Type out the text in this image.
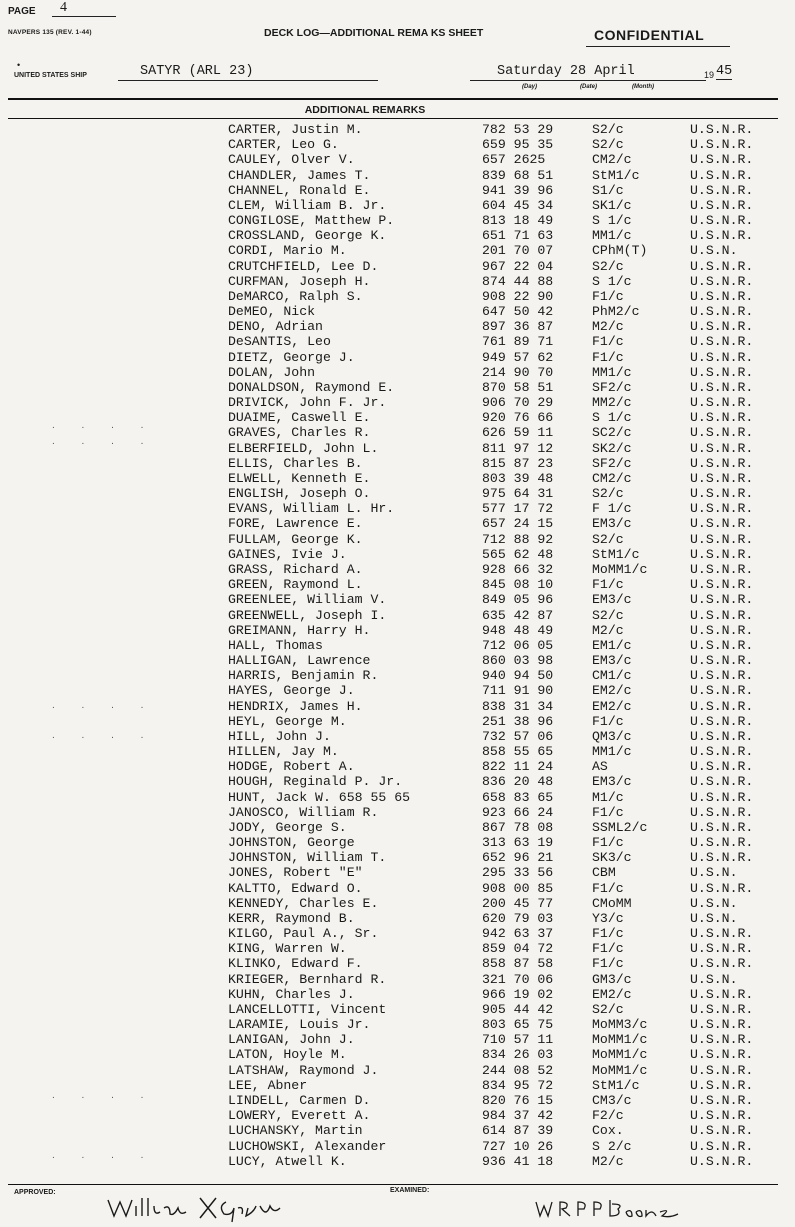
PAGE	4
NAVPERS 135 (REV. 1-44)	DECK LOG—ADDITIONAL REMA KS SHEET	CONFIDENTIAL
•
UNITED STATES SHIP	SATYR (ARL 23)	Saturday 28 April	19 45
(Day)	(Date)	(Month)
ADDITIONAL REMARKS
CARTER, Justin M.	782 53 29	S2/c	U.S.N.R.
CARTER, Leo G.	659 95 35	S2/c	U.S.N.R.
CAULEY, Olver V.	657 2625	CM2/c	U.S.N.R.
CHANDLER, James T.	839 68 51	StM1/c	U.S.N.R.
CHANNEL, Ronald E.	941 39 96	S1/c	U.S.N.R.
CLEM, William B. Jr.	604 45 34	SK1/c	U.S.N.R.
CONGILOSE, Matthew P.	813 18 49	S 1/c	U.S.N.R.
CROSSLAND, George K.	651 71 63	MM1/c	U.S.N.R.
CORDI, Mario M.	201 70 07	CPhM(T)	U.S.N.
CRUTCHFIELD, Lee D.	967 22 04	S2/c	U.S.N.R.
CURFMAN, Joseph H.	874 44 88	S 1/c	U.S.N.R.
DeMARCO, Ralph S.	908 22 90	F1/c	U.S.N.R.
DeMEO, Nick	647 50 42	PhM2/c	U.S.N.R.
DENO, Adrian	897 36 87	M2/c	U.S.N.R.
DeSANTIS, Leo	761 89 71	F1/c	U.S.N.R.
DIETZ, George J.	949 57 62	F1/c	U.S.N.R.
DOLAN, John	214 90 70	MM1/c	U.S.N.R.
DONALDSON, Raymond E.	870 58 51	SF2/c	U.S.N.R.
DRIVICK, John F. Jr.	906 70 29	MM2/c	U.S.N.R.
DUAIME, Caswell E.	920 76 66	S 1/c	U.S.N.R.
GRAVES, Charles R.	626 59 11	SC2/c	U.S.N.R.
ELBERFIELD, John L.	811 97 12	SK2/c	U.S.N.R.
ELLIS, Charles B.	815 87 23	SF2/c	U.S.N.R.
ELWELL, Kenneth E.	803 39 48	CM2/c	U.S.N.R.
ENGLISH, Joseph O.	975 64 31	S2/c	U.S.N.R.
EVANS, William L. Hr.	577 17 72	F 1/c	U.S.N.R.
FORE, Lawrence E.	657 24 15	EM3/c	U.S.N.R.
FULLAM, George K.	712 88 92	S2/c	U.S.N.R.
GAINES, Ivie J.	565 62 48	StM1/c	U.S.N.R.
GRASS, Richard A.	928 66 32	MoMM1/c	U.S.N.R.
GREEN, Raymond L.	845 08 10	F1/c	U.S.N.R.
GREENLEE, William V.	849 05 96	EM3/c	U.S.N.R.
GREENWELL, Joseph I.	635 42 87	S2/c	U.S.N.R.
GREIMANN, Harry H.	948 48 49	M2/c	U.S.N.R.
HALL, Thomas	712 06 05	EM1/c	U.S.N.R.
HALLIGAN, Lawrence	860 03 98	EM3/c	U.S.N.R.
HARRIS, Benjamin R.	940 94 50	CM1/c	U.S.N.R.
HAYES, George J.	711 91 90	EM2/c	U.S.N.R.
HENDRIX, James H.	838 31 34	EM2/c	U.S.N.R.
HEYL, George M.	251 38 96	F1/c	U.S.N.R.
HILL, John J.	732 57 06	QM3/c	U.S.N.R.
HILLEN, Jay M.	858 55 65	MM1/c	U.S.N.R.
HODGE, Robert A.	822 11 24	AS	U.S.N.R.
HOUGH, Reginald P. Jr.	836 20 48	EM3/c	U.S.N.R.
HUNT, Jack W. 658 55 65	658 83 65	M1/c	U.S.N.R.
JANOSCO, William R.	923 66 24	F1/c	U.S.N.R.
JODY, George S.	867 78 08	SSML2/c	U.S.N.R.
JOHNSTON, George	313 63 19	F1/c	U.S.N.R.
JOHNSTON, William T.	652 96 21	SK3/c	U.S.N.R.
JONES, Robert "E"	295 33 56	CBM	U.S.N.
KALTTO, Edward O.	908 00 85	F1/c	U.S.N.R.
KENNEDY, Charles E.	200 45 77	CMoMM	U.S.N.
KERR, Raymond B.	620 79 03	Y3/c	U.S.N.
KILGO, Paul A., Sr.	942 63 37	F1/c	U.S.N.R.
KING, Warren W.	859 04 72	F1/c	U.S.N.R.
KLINKO, Edward F.	858 87 58	F1/c	U.S.N.R.
KRIEGER, Bernhard R.	321 70 06	GM3/c	U.S.N.
KUHN, Charles J.	966 19 02	EM2/c	U.S.N.R.
LANCELLOTTI, Vincent	905 44 42	S2/c	U.S.N.R.
LARAMIE, Louis Jr.	803 65 75	MoMM3/c	U.S.N.R.
LANIGAN, John J.	710 57 11	MoMM1/c	U.S.N.R.
LATON, Hoyle M.	834 26 03	MoMM1/c	U.S.N.R.
LATSHAW, Raymond J.	244 08 52	MoMM1/c	U.S.N.R.
LEE, Abner	834 95 72	StM1/c	U.S.N.R.
LINDELL, Carmen D.	820 76 15	CM3/c	U.S.N.R.
LOWERY, Everett A.	984 37 42	F2/c	U.S.N.R.
LUCHANSKY, Martin	614 87 39	Cox.	U.S.N.R.
LUCHOWSKI, Alexander	727 10 26	S 2/c	U.S.N.R.
LUCY, Atwell K.	936 41 18	M2/c	U.S.N.R.
. . . .
. . . .
. . . .
. . . .
. . . .
. . . .
APPROVED:	EXAMINED:
